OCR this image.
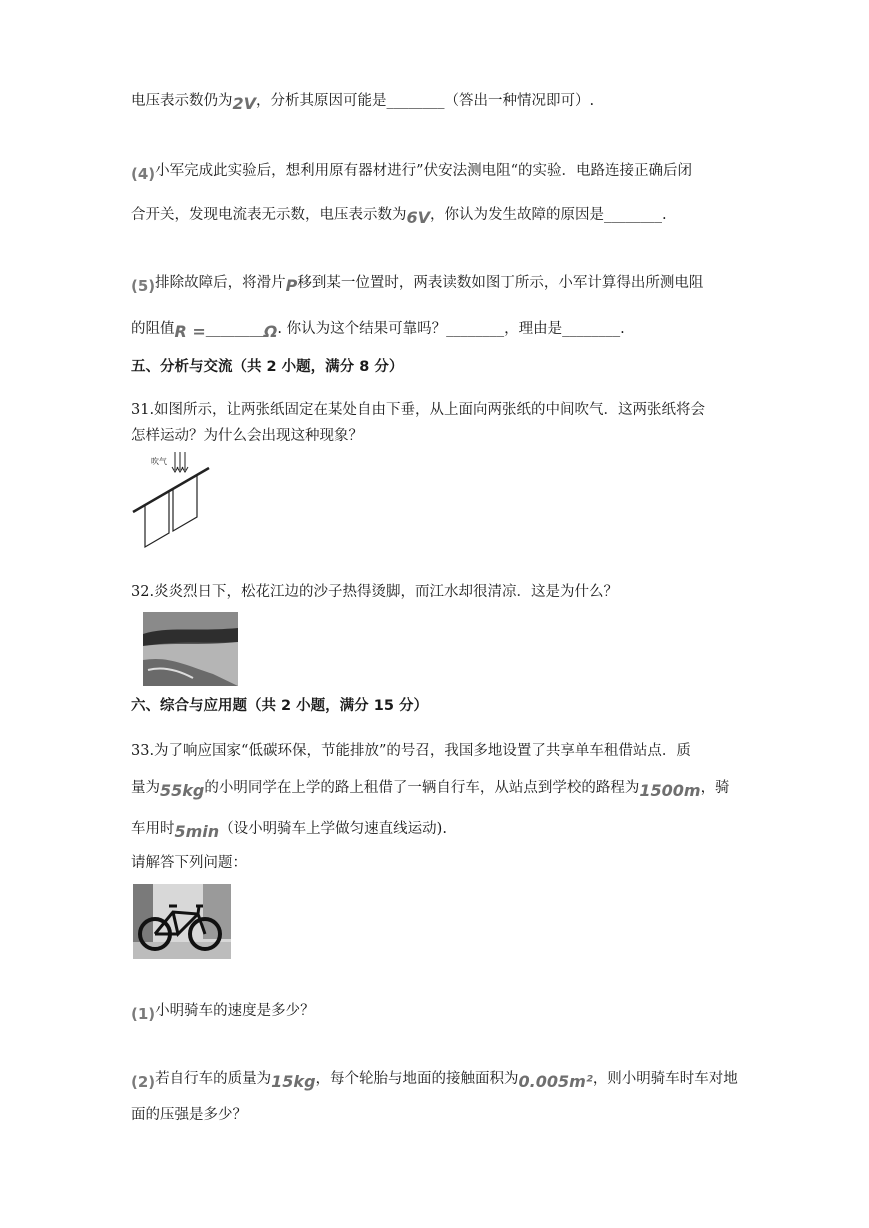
电压表示数仍为2V，分析其原因可能是________（答出一种情况即可）.
(4)小军完成此实验后，想利用原有器材进行”伏安法测电阻“的实验．电路连接正确后闭
合开关，发现电流表无示数，电压表示数为6V，你认为发生故障的原因是________.
(5)排除故障后，将滑片P移到某一位置时，两表读数如图丁所示，小军计算得出所测电阻
的阻值R =________Ω. 你认为这个结果可靠吗？________，理由是________.
五、分析与交流（共 2 小题，满分 8 分）
31.如图所示，让两张纸固定在某处自由下垂，从上面向两张纸的中间吹气．这两张纸将会
怎样运动？为什么会出现这种现象？
吹气
32.炎炎烈日下，松花江边的沙子热得烫脚，而江水却很清凉．这是为什么？
六、综合与应用题（共 2 小题，满分 15 分）
33.为了响应国家“低碳环保，节能排放”的号召，我国多地设置了共享单车租借站点．质
量为55kg的小明同学在上学的路上租借了一辆自行车，从站点到学校的路程为1500m，骑
车用时5min（设小明骑车上学做匀速直线运动).
请解答下列问题：
(1)小明骑车的速度是多少？
(2)若自行车的质量为15kg，每个轮胎与地面的接触面积为0.005m²，则小明骑车时车对地
面的压强是多少？
